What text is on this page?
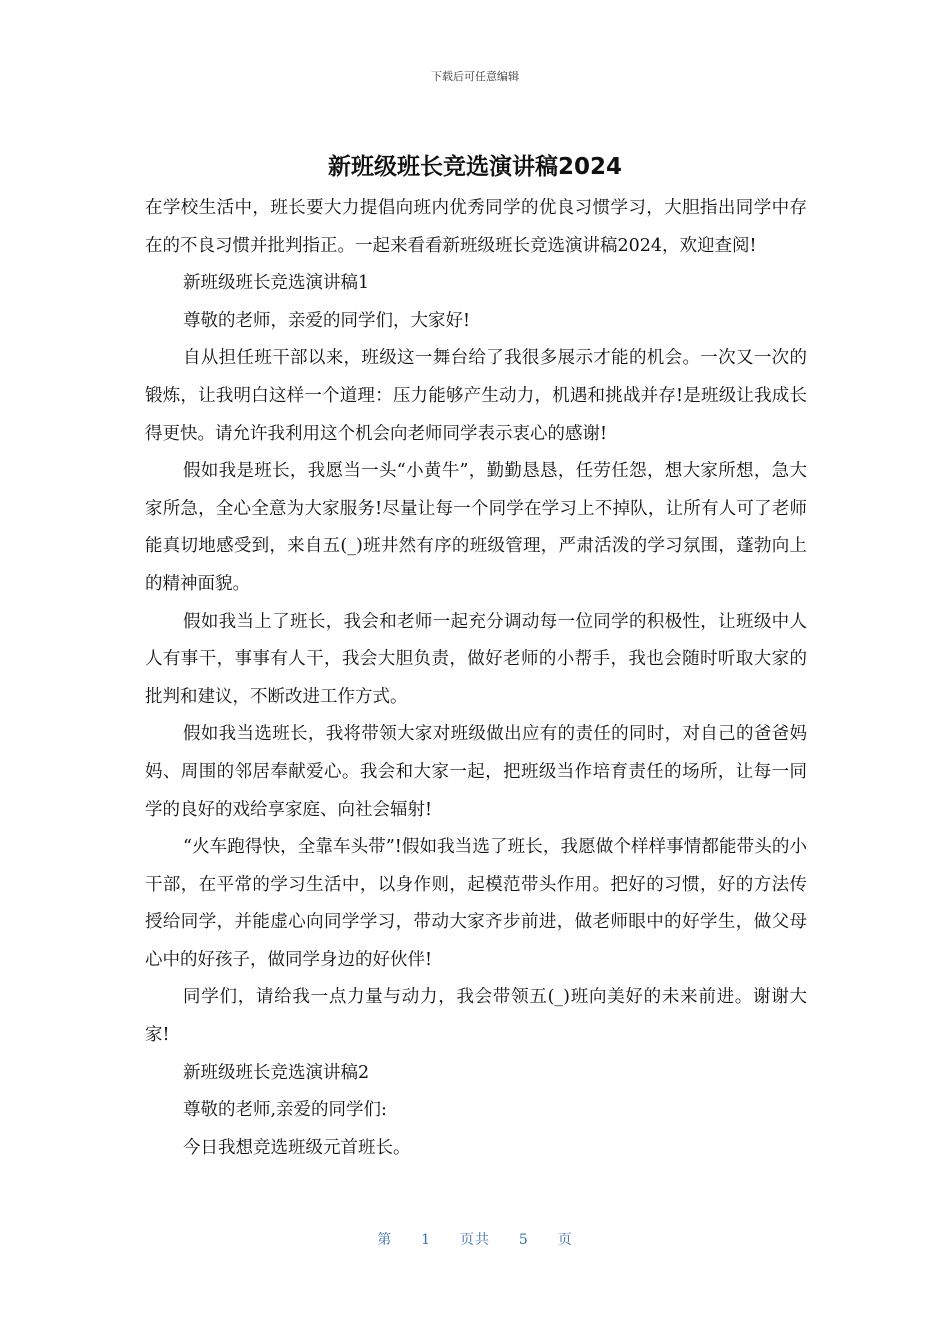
下载后可任意编辑
新班级班长竞选演讲稿2024

在学校生活中，班长要大力提倡向班内优秀同学的优良习惯学习，大胆指出同学中存在的不良习惯并批判指正。一起来看看新班级班长竞选演讲稿2024，欢迎查阅!

新班级班长竞选演讲稿1

尊敬的老师，亲爱的同学们，大家好!

自从担任班干部以来，班级这一舞台给了我很多展示才能的机会。一次又一次的锻炼，让我明白这样一个道理：压力能够产生动力，机遇和挑战并存!是班级让我成长得更快。请允许我利用这个机会向老师同学表示衷心的感谢!

假如我是班长，我愿当一头“小黄牛”，勤勤恳恳，任劳任怨，想大家所想，急大家所急，全心全意为大家服务!尽量让每一个同学在学习上不掉队，让所有人可了老师能真切地感受到，来自五(_)班井然有序的班级管理，严肃活泼的学习氛围，蓬勃向上的精神面貌。

假如我当上了班长，我会和老师一起充分调动每一位同学的积极性，让班级中人人有事干，事事有人干，我会大胆负责，做好老师的小帮手，我也会随时听取大家的批判和建议，不断改进工作方式。

假如我当选班长，我将带领大家对班级做出应有的责任的同时，对自己的爸爸妈妈、周围的邻居奉献爱心。我会和大家一起，把班级当作培育责任的场所，让每一同学的良好的戏给享家庭、向社会辐射!

“火车跑得快，全靠车头带”!假如我当选了班长，我愿做个样样事情都能带头的小干部，在平常的学习生活中，以身作则，起模范带头作用。把好的习惯，好的方法传授给同学，并能虚心向同学学习，带动大家齐步前进，做老师眼中的好学生，做父母心中的好孩子，做同学身边的好伙伴!

同学们，请给我一点力量与动力，我会带领五(_)班向美好的未来前进。谢谢大家!

新班级班长竞选演讲稿2

尊敬的老师,亲爱的同学们:

今日我想竞选班级元首班长。

第 1 页共 5 页
